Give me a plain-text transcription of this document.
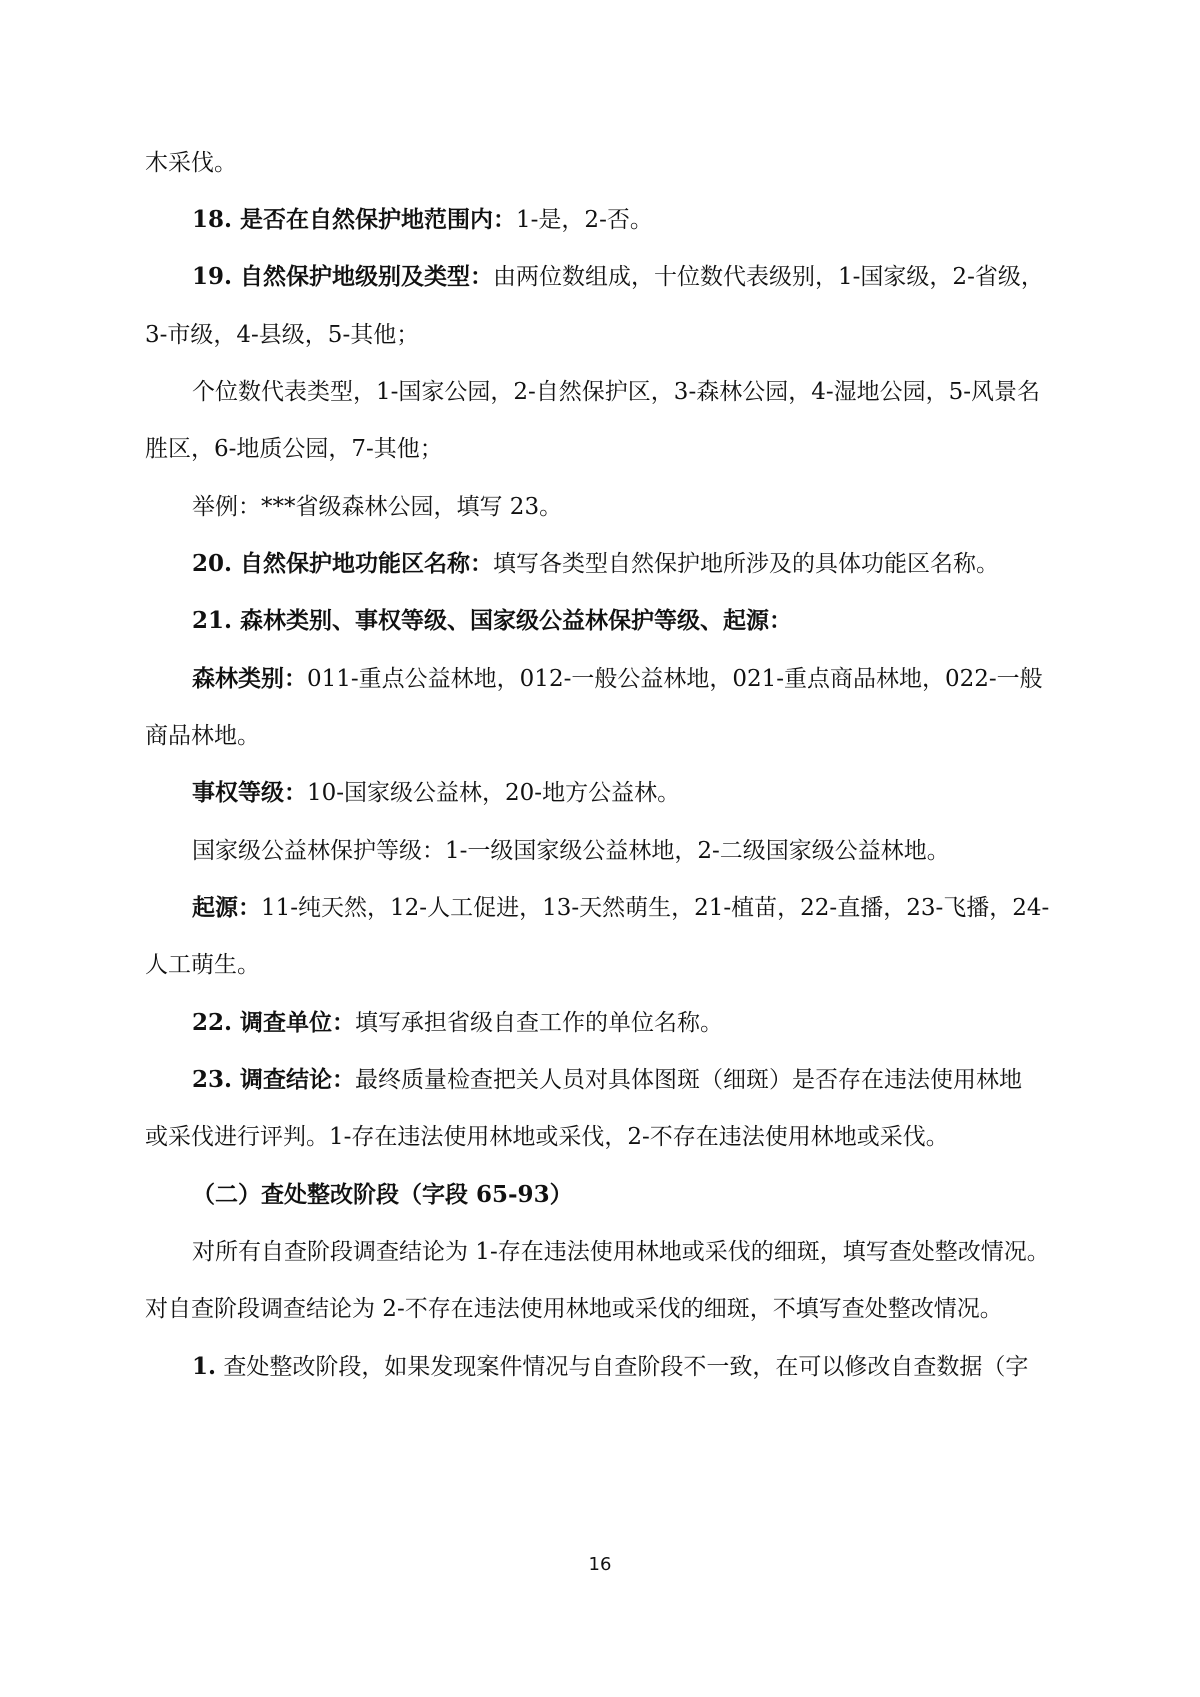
木采伐。
18. 是否在自然保护地范围内：1-是，2-否。
19. 自然保护地级别及类型：由两位数组成，十位数代表级别，1-国家级，2-省级，
3-市级，4-县级，5-其他；
个位数代表类型，1-国家公园，2-自然保护区，3-森林公园，4-湿地公园，5-风景名
胜区，6-地质公园，7-其他；
举例：***省级森林公园，填写 23。
20. 自然保护地功能区名称：填写各类型自然保护地所涉及的具体功能区名称。
21. 森林类别、事权等级、国家级公益林保护等级、起源：
森林类别：011-重点公益林地，012-一般公益林地，021-重点商品林地，022-一般
商品林地。
事权等级：10-国家级公益林，20-地方公益林。
国家级公益林保护等级：1-一级国家级公益林地，2-二级国家级公益林地。
起源：11-纯天然，12-人工促进，13-天然萌生，21-植苗，22-直播，23-飞播，24-
人工萌生。
22. 调查单位：填写承担省级自查工作的单位名称。
23. 调查结论：最终质量检查把关人员对具体图斑（细斑）是否存在违法使用林地
或采伐进行评判。1-存在违法使用林地或采伐，2-不存在违法使用林地或采伐。
（二）查处整改阶段（字段 65-93）
对所有自查阶段调查结论为 1-存在违法使用林地或采伐的细斑，填写查处整改情况。
对自查阶段调查结论为 2-不存在违法使用林地或采伐的细斑，不填写查处整改情况。
1. 查处整改阶段，如果发现案件情况与自查阶段不一致，在可以修改自查数据（字
16
